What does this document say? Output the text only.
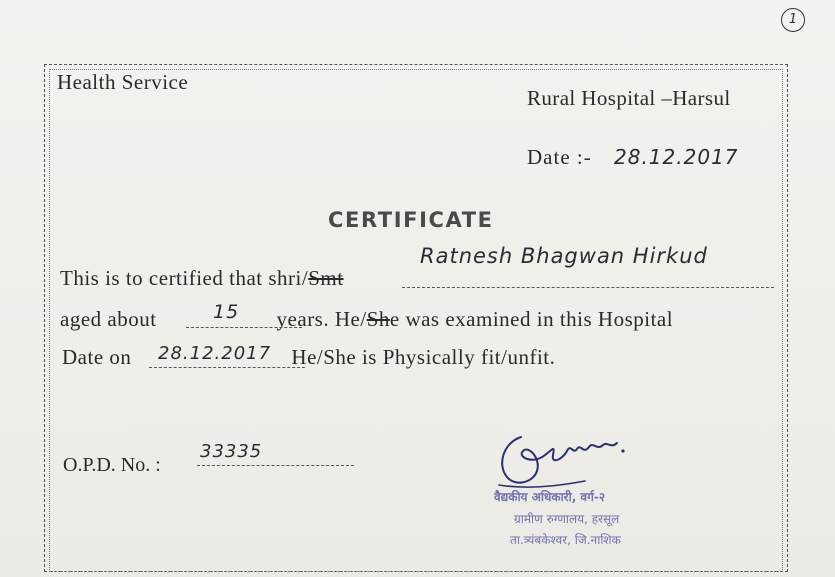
1
Health Service
Rural Hospital –Harsul
Date :- 28.12.2017
CERTIFICATE
This is to certified that shri/Smt
Ratnesh Bhagwan Hirkud
aged about	years. He/She was examined in this Hospital
15
Date on	He/She is Physically fit/unfit.
28.12.2017
O.P.D. No. :
33335
वैद्यकीय अधिकारी, वर्ग-२
ग्रामीण रुग्णालय, हरसूल
ता.त्र्यंबकेश्वर, जि.नाशिक
